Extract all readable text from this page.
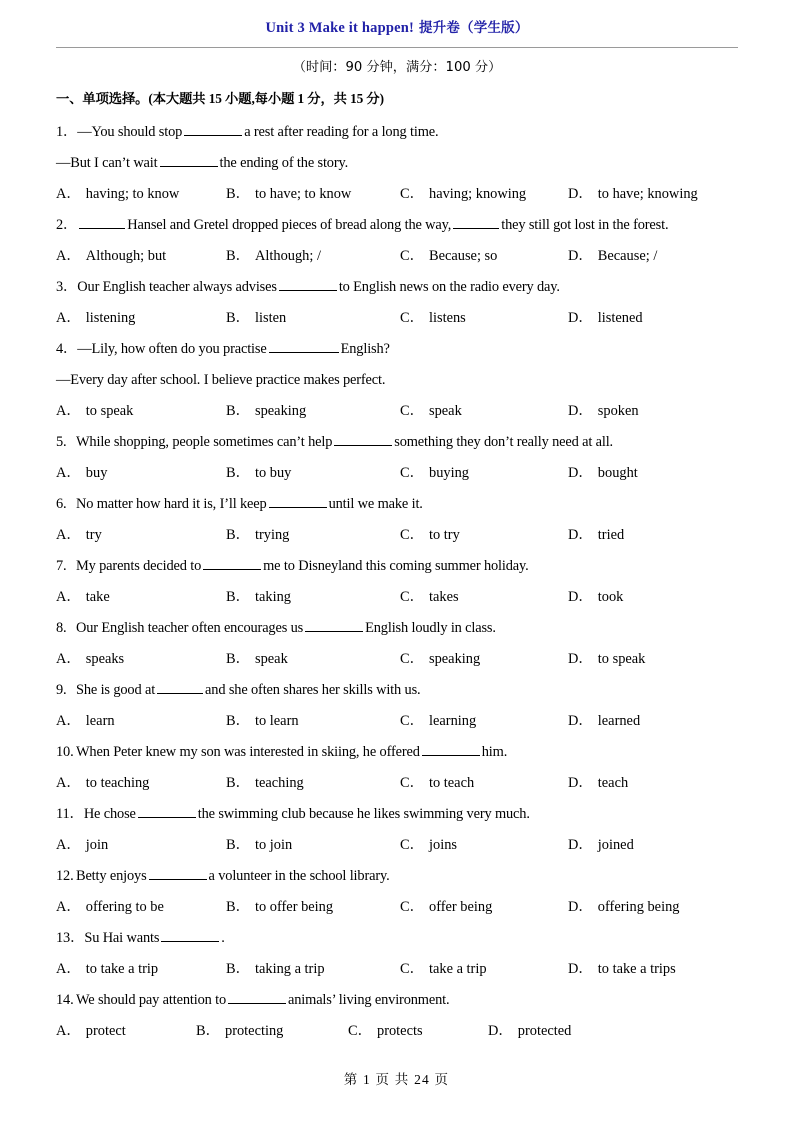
Unit 3 Make it happen! 提升卷（学生版）
（时间：90 分钟，满分：100 分）
一、单项选择。(本大题共 15 小题,每小题 1 分，共 15 分)
1．—You should stop	a rest after reading for a long time.
—But I can’t wait	the ending of the story.
A． having; to know	B． to have; to know	C． having; knowing	D． to have; knowing
2．	Hansel and Gretel dropped pieces of bread along the way,	they still got lost in the forest.
A． Although; but	B． Although; /	C． Because; so	D． Because; /
3．Our English teacher always advises	to English news on the radio every day.
A． listening	B． listen	C． listens	D． listened
4．—Lily, how often do you practise	English?
—Every day after school. I believe practice makes perfect.
A． to speak	B． speaking	C． speak	D． spoken
5. While shopping, people sometimes can’t help	something they don’t really need at all.
A． buy	B． to buy	C． buying	D． bought
6. No matter how hard it is, I’ll keep	until we make it.
A． try	B． trying	C． to try	D． tried
7. My parents decided to	me to Disneyland this coming summer holiday.
A． take	B． taking	C． takes	D． took
8. Our English teacher often encourages us	English loudly in class.
A． speaks	B． speak	C． speaking	D． to speak
9. She is good at	and she often shares her skills with us.
A． learn	B． to learn	C． learning	D． learned
10. When Peter knew my son was interested in skiing, he offered	him.
A． to teaching	B． teaching	C． to teach	D． teach
11．He chose	the swimming club because he likes swimming very much.
A． join	B． to join	C． joins	D． joined
12. Betty enjoys	a volunteer in the school library.
A． offering to be	B． to offer being	C． offer being	D． offering being
13．Su Hai wants	.
A． to take a trip	B． taking a trip	C． take a trip	D． to take a trips
14. We should pay attention to	animals’ living environment.
A． protect	B． protecting	C． protects	D． protected
第 1 页 共 24 页
